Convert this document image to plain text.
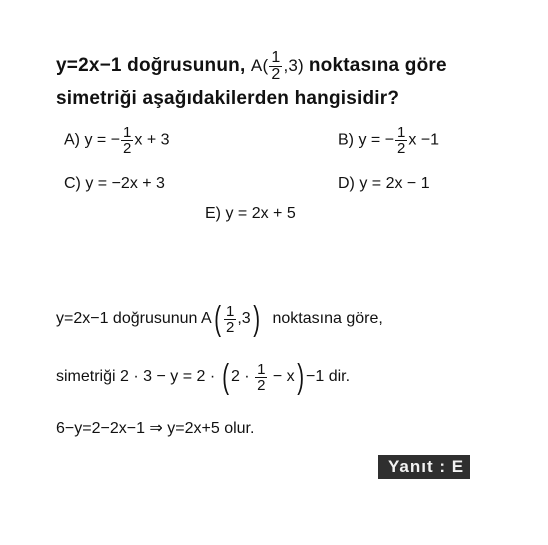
y=2x−1 doğrusunun, $A( \frac{1}{2} ,3)$ noktasına göre
simetriği aşağıdakilerden hangisidir?
A) y = − $\frac{1}{2}$ x + 3	B) y = − $\frac{1}{2}$ x −1
C) y = −2x + 3	D) y = 2x − 1
E) y = 2x + 5
y=2x−1 doğrusunun $A( \frac{1}{2} ,3)$ noktasına göre,
simetriği 2 · 3 − y = 2 · ( $2 \cdot \frac{1}{2} - x) -1$ dir.
6−y=2−2x−1 ⇒ y=2x+5 olur.
Yanıt : E
